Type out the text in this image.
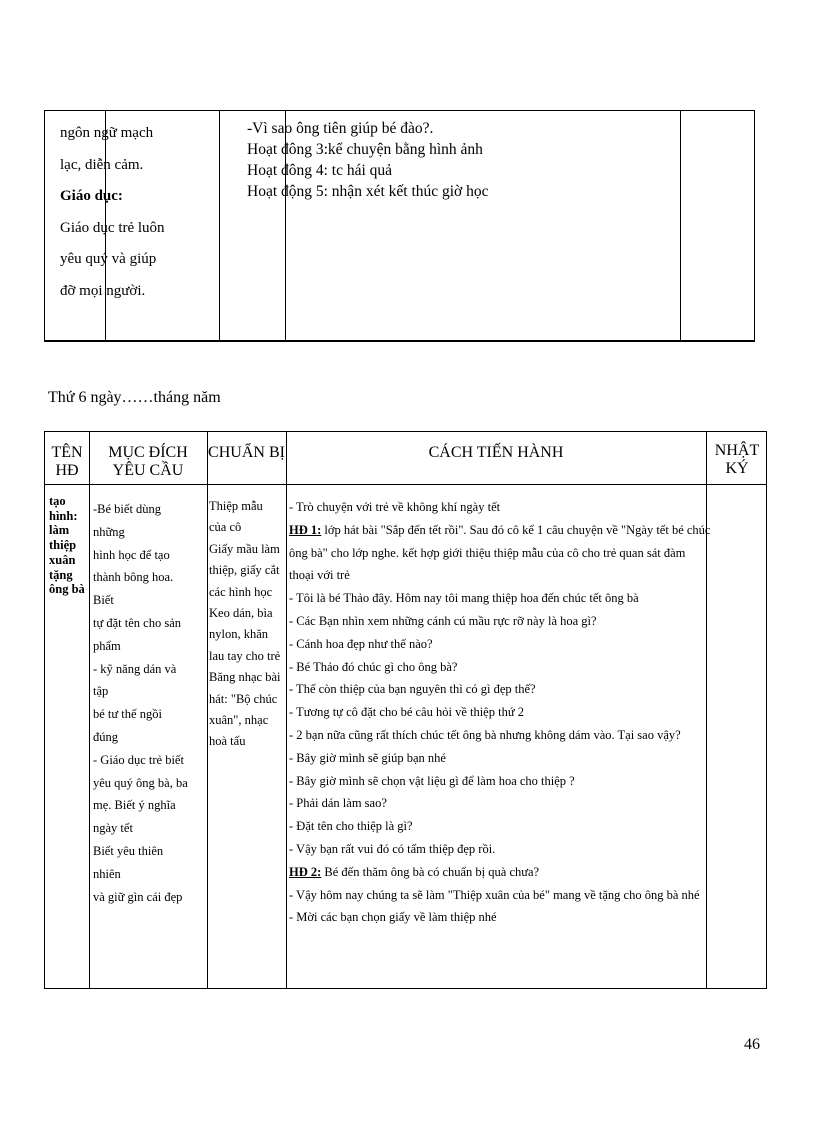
ngôn ngữ mạch

lạc, diễn cảm.

Giáo dục:

Giáo dục trẻ luôn

yêu quý và giúp

đỡ mọi người.

-Vì sao ông tiên giúp bé đào?.

Hoạt đông 3:kể chuyện bằng hình ảnh

Hoạt đông 4: tc hái quả

Hoạt động 5: nhận xét kết thúc giờ học

Thứ 6 ngày……tháng năm
TÊN HĐ
MỤC ĐÍCH YÊU CẦU
CHUẨN BỊ	CÁCH TIẾN HÀNH	NHẬT KÝ

tạo

hình:

làm

thiệp

xuân

tặng

ông bà

-Bé biết dùng những

hình học để tạo

thành bông hoa. Biết

tự đặt tên cho sản

phẩm

- kỹ năng dán và tập

bé tư thế ngồi đúng

- Giáo dục trẻ biết

yêu quý ông bà, ba

mẹ. Biết ý nghĩa

ngày tết

Biết yêu thiên nhiên

và giữ gìn cái đẹp

Thiệp mẫu

của cô

Giấy mầu làm

thiệp, giấy cắt

các hình học

Keo dán, bìa

nylon, khăn

lau tay cho trẻ

Băng nhạc bài

hát: "Bộ chúc

xuân", nhạc

hoà tấu

- Trò chuyện với trẻ về không khí ngày tết

HĐ 1: lớp hát bài "Sắp đến tết rồi". Sau đó cô kể 1 câu chuyện về "Ngày tết bé chúc

ông bà" cho lớp nghe. kết hợp giới thiệu thiệp mẫu của cô cho trẻ quan sát đàm

thoại với trẻ

- Tôi là bé Thảo đây. Hôm nay tôi mang thiệp hoa đến chúc tết ông bà

- Các Bạn nhìn xem những cánh cú mầu rực rỡ này là hoa gì?

- Cánh hoa đẹp như thế nào?

- Bé Thảo đó chúc gì cho ông bà?

- Thế còn thiệp của bạn nguyên thì có gì đẹp thế?

- Tương tự cô đặt cho bé câu hỏi về thiệp thứ 2

- 2 bạn nữa cũng rất thích chúc tết ông bà nhưng không dám vào. Tại sao vậy?

- Bây giờ mình sẽ giúp bạn nhé

- Bây giờ mình sẽ chọn vật liệu gì để làm hoa cho thiệp ?

- Phải dán làm sao?

- Đặt tên cho thiệp là gì?

- Vậy bạn rất vui đó có tấm thiệp đẹp rồi.

HĐ 2: Bé đến thăm ông bà có chuẩn bị quà chưa?

- Vậy hôm nay chúng ta sẽ làm "Thiệp xuân của bé" mang về tặng cho ông bà nhé

- Mời các bạn chọn giấy về làm thiệp nhé

46
